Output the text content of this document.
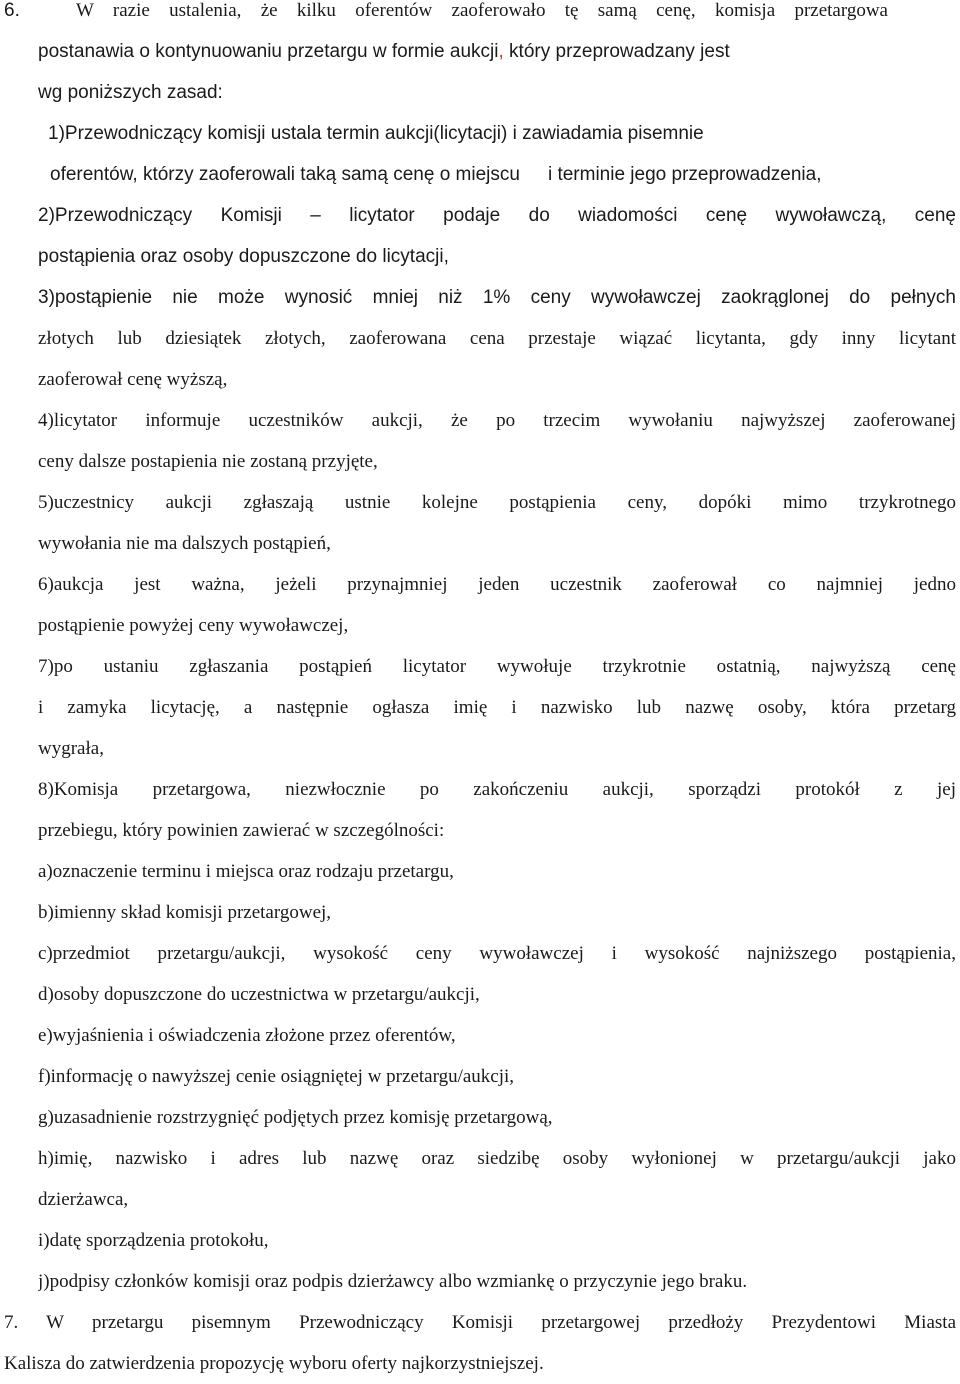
6.	W razie ustalenia, że kilku oferentów zaoferowało tę samą cenę, komisja przetargowa
postanawia o kontynuowaniu przetargu w formie aukcji, który przeprowadzany jest
wg poniższych zasad:
1)Przewodniczący komisji ustala termin aukcji(licytacji) i zawiadamia pisemnie
oferentów, którzy zaoferowali taką samą cenę o miejscu i terminie jego przeprowadzenia,
2)Przewodniczący Komisji – licytator podaje do wiadomości cenę wywoławczą, cenę
postąpienia oraz osoby dopuszczone do licytacji,
3)postąpienie nie może wynosić mniej niż 1% ceny wywoławczej zaokrąglonej do pełnych
złotych lub dziesiątek złotych, zaoferowana cena przestaje wiązać licytanta, gdy inny licytant
zaoferował cenę wyższą,
4)licytator informuje uczestników aukcji, że po trzecim wywołaniu najwyższej zaoferowanej
ceny dalsze postapienia nie zostaną przyjęte,
5)uczestnicy aukcji zgłaszają ustnie kolejne postąpienia ceny, dopóki mimo trzykrotnego
wywołania nie ma dalszych postąpień,
6)aukcja jest ważna, jeżeli przynajmniej jeden uczestnik zaoferował co najmniej jedno
postąpienie powyżej ceny wywoławczej,
7)po ustaniu zgłaszania postąpień licytator wywołuje trzykrotnie ostatnią, najwyższą cenę
i zamyka licytację, a następnie ogłasza imię i nazwisko lub nazwę osoby, która przetarg
wygrała,
8)Komisja przetargowa, niezwłocznie po zakończeniu aukcji, sporządzi protokół z jej
przebiegu, który powinien zawierać w szczególności:
a)oznaczenie terminu i miejsca oraz rodzaju przetargu,
b)imienny skład komisji przetargowej,
c)przedmiot przetargu/aukcji, wysokość ceny wywoławczej i wysokość najniższego postąpienia,
d)osoby dopuszczone do uczestnictwa w przetargu/aukcji,
e)wyjaśnienia i oświadczenia złożone przez oferentów,
f)informację o nawyższej cenie osiągniętej w przetargu/aukcji,
g)uzasadnienie rozstrzygnięć podjętych przez komisję przetargową,
h)imię, nazwisko i adres lub nazwę oraz siedzibę osoby wyłonionej w przetargu/aukcji jako
dzierżawca,
i)datę sporządzenia protokołu,
j)podpisy członków komisji oraz podpis dzierżawcy albo wzmiankę o przyczynie jego braku.
7. W przetargu pisemnym Przewodniczący Komisji przetargowej przedłoży Prezydentowi Miasta
Kalisza do zatwierdzenia propozycję wyboru oferty najkorzystniejszej.
